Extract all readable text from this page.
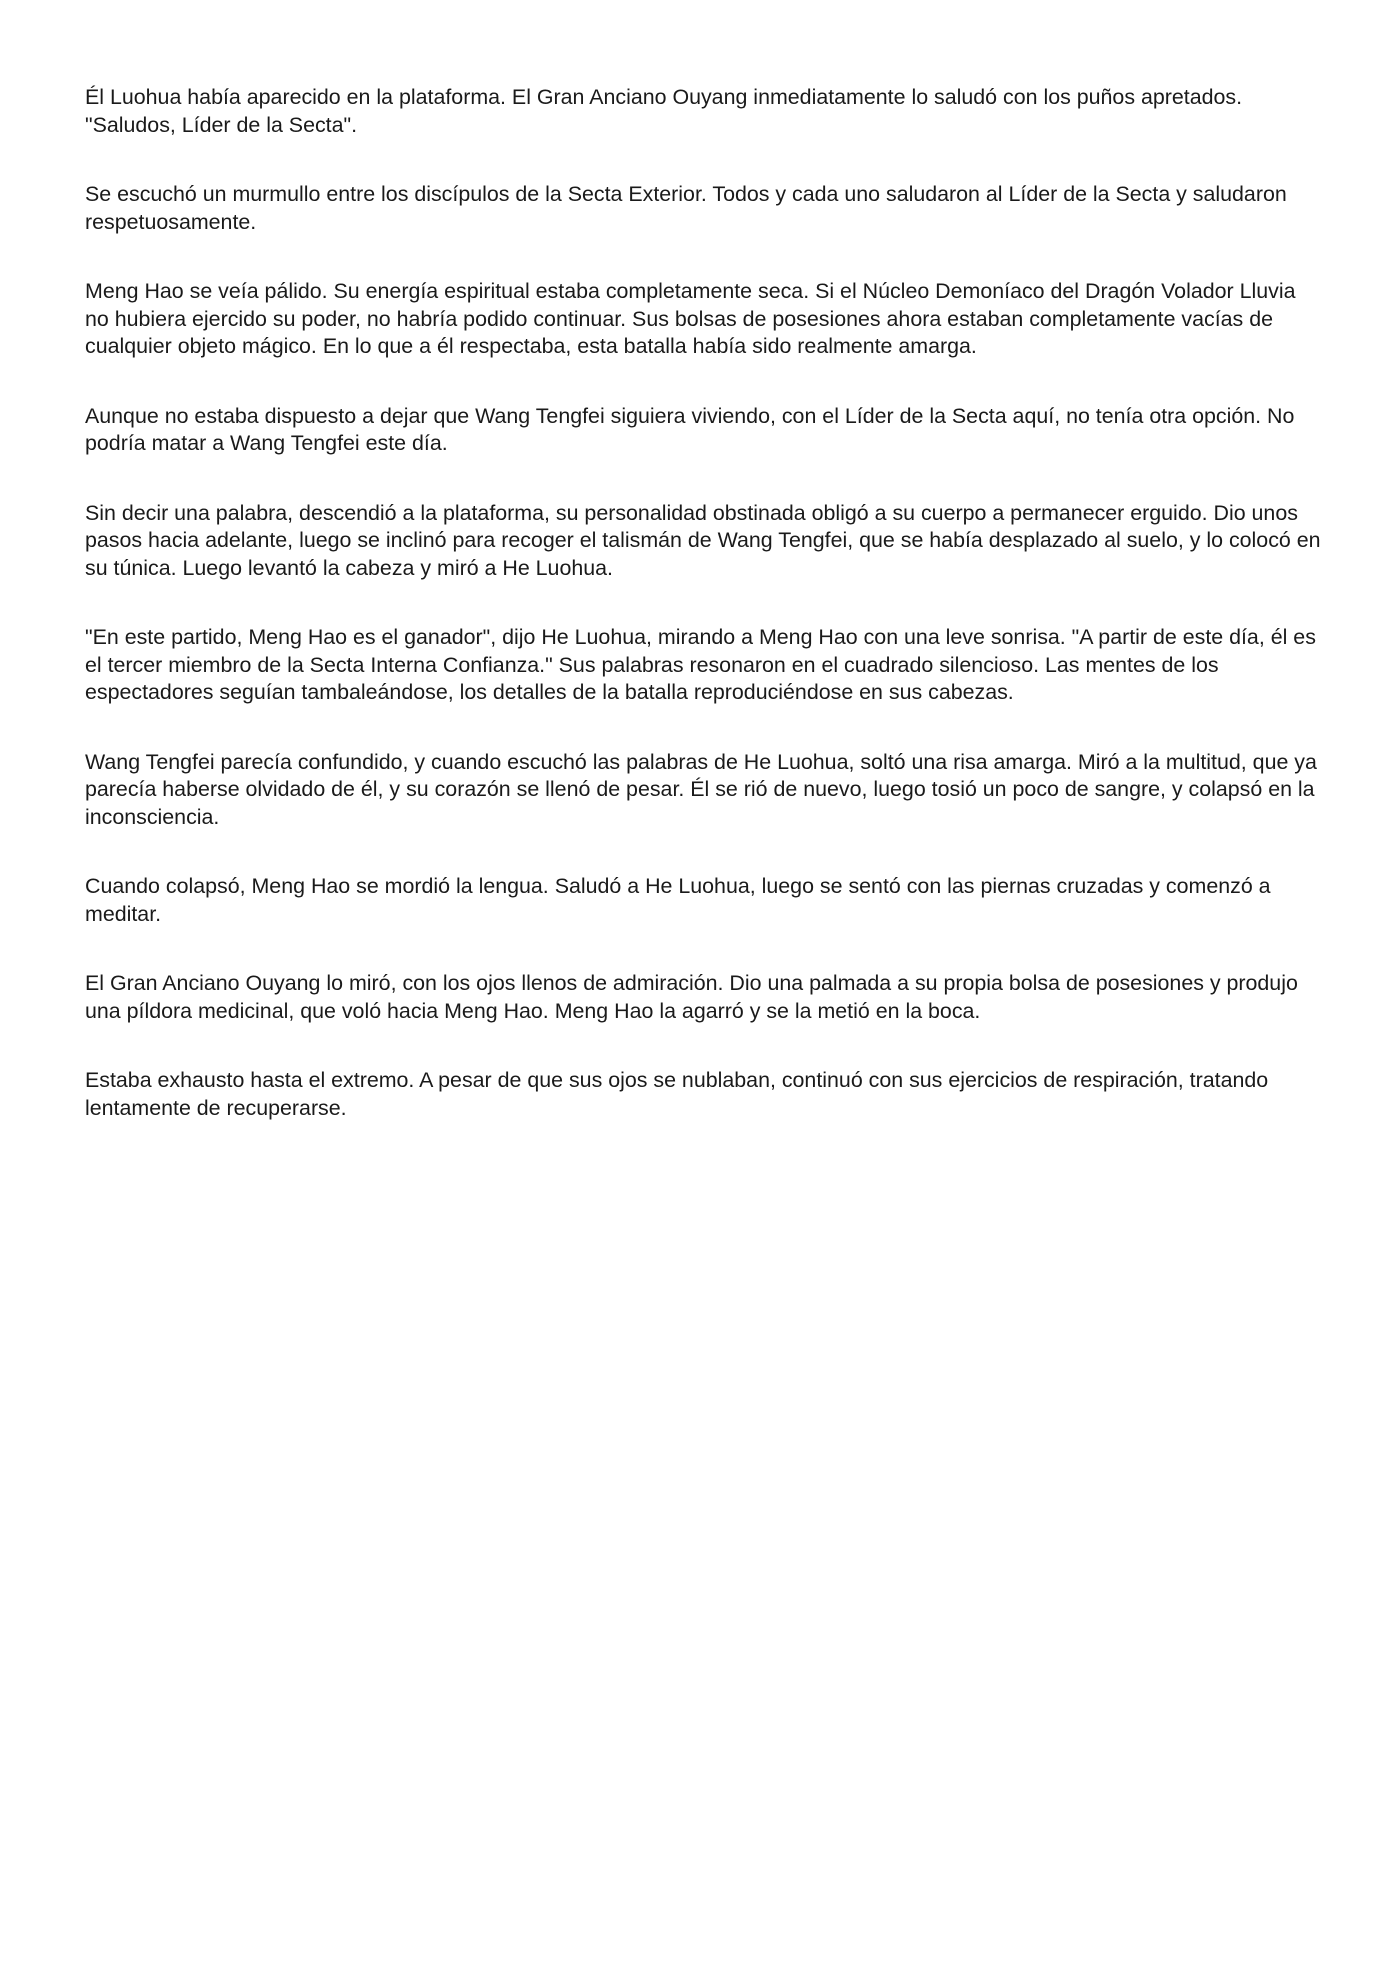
Él Luohua había aparecido en la plataforma. El Gran Anciano Ouyang inmediatamente lo saludó con los puños apretados. "Saludos, Líder de la Secta".

Se escuchó un murmullo entre los discípulos de la Secta Exterior. Todos y cada uno saludaron al Líder de la Secta y saludaron respetuosamente.

Meng Hao se veía pálido. Su energía espiritual estaba completamente seca. Si el Núcleo Demoníaco del Dragón Volador Lluvia no hubiera ejercido su poder, no habría podido continuar. Sus bolsas de posesiones ahora estaban completamente vacías de cualquier objeto mágico. En lo que a él respectaba, esta batalla había sido realmente amarga.

Aunque no estaba dispuesto a dejar que Wang Tengfei siguiera viviendo, con el Líder de la Secta aquí, no tenía otra opción. No podría matar a Wang Tengfei este día.

Sin decir una palabra, descendió a la plataforma, su personalidad obstinada obligó a su cuerpo a permanecer erguido. Dio unos pasos hacia adelante, luego se inclinó para recoger el talismán de Wang Tengfei, que se había desplazado al suelo, y lo colocó en su túnica. Luego levantó la cabeza y miró a He Luohua.

"En este partido, Meng Hao es el ganador", dijo He Luohua, mirando a Meng Hao con una leve sonrisa. "A partir de este día, él es el tercer miembro de la Secta Interna Confianza." Sus palabras resonaron en el cuadrado silencioso. Las mentes de los espectadores seguían tambaleándose, los detalles de la batalla reproduciéndose en sus cabezas.

Wang Tengfei parecía confundido, y cuando escuchó las palabras de He Luohua, soltó una risa amarga. Miró a la multitud, que ya parecía haberse olvidado de él, y su corazón se llenó de pesar. Él se rió de nuevo, luego tosió un poco de sangre, y colapsó en la inconsciencia.

Cuando colapsó, Meng Hao se mordió la lengua. Saludó a He Luohua, luego se sentó con las piernas cruzadas y comenzó a meditar.

El Gran Anciano Ouyang lo miró, con los ojos llenos de admiración. Dio una palmada a su propia bolsa de posesiones y produjo una píldora medicinal, que voló hacia Meng Hao. Meng Hao la agarró y se la metió en la boca.

Estaba exhausto hasta el extremo. A pesar de que sus ojos se nublaban, continuó con sus ejercicios de respiración, tratando lentamente de recuperarse.
